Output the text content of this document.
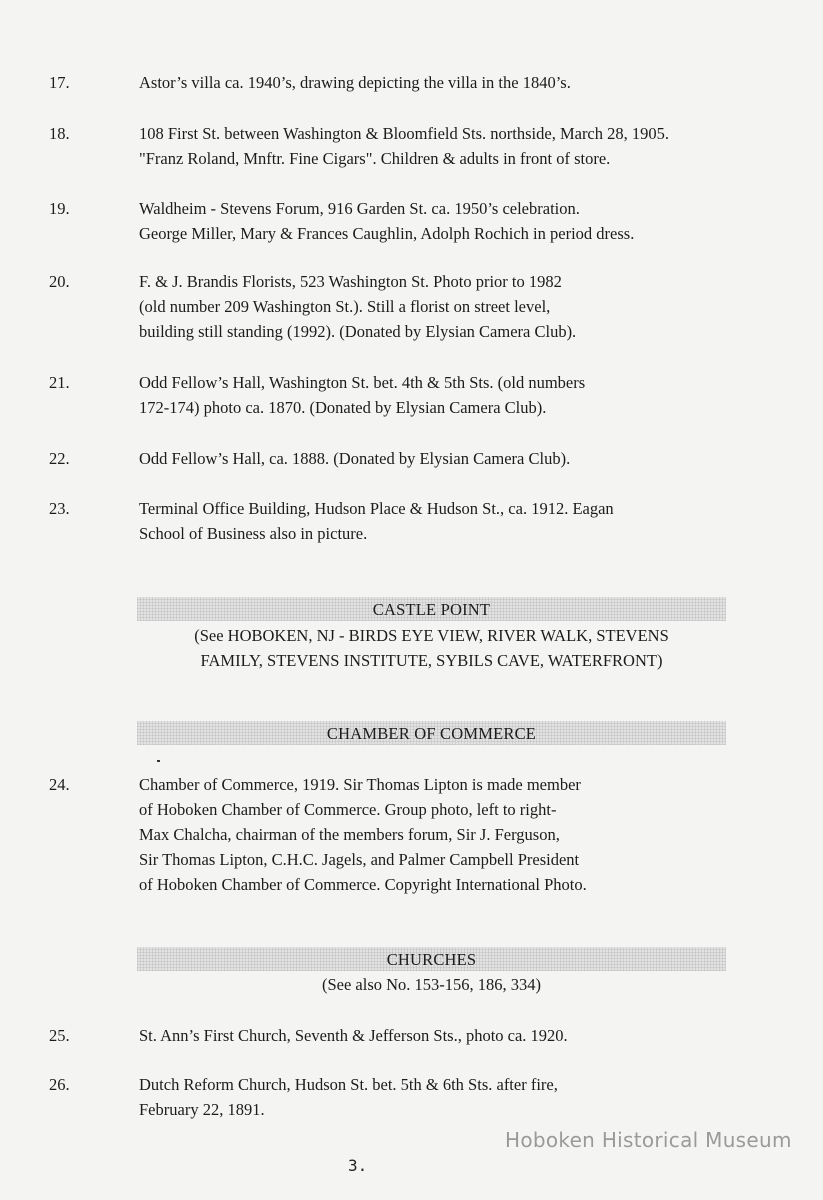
17.	Astor’s villa ca. 1940’s, drawing depicting the villa in the 1840’s.
18.	108 First St. between Washington & Bloomfield Sts. northside, March 28, 1905.
"Franz Roland, Mnftr. Fine Cigars". Children & adults in front of store.
19.	Waldheim - Stevens Forum, 916 Garden St. ca. 1950’s celebration.
George Miller, Mary & Frances Caughlin, Adolph Rochich in period dress.
20.	F. & J. Brandis Florists, 523 Washington St. Photo prior to 1982
(old number 209 Washington St.). Still a florist on street level,
building still standing (1992). (Donated by Elysian Camera Club).
21.	Odd Fellow’s Hall, Washington St. bet. 4th & 5th Sts. (old numbers
172-174) photo ca. 1870. (Donated by Elysian Camera Club).
22.	Odd Fellow’s Hall, ca. 1888. (Donated by Elysian Camera Club).
23.	Terminal Office Building, Hudson Place & Hudson St., ca. 1912. Eagan
School of Business also in picture.
CASTLE POINT
(See HOBOKEN, NJ - BIRDS EYE VIEW, RIVER WALK, STEVENS
FAMILY, STEVENS INSTITUTE, SYBILS CAVE, WATERFRONT)
CHAMBER OF COMMERCE
24.	Chamber of Commerce, 1919. Sir Thomas Lipton is made member
of Hoboken Chamber of Commerce. Group photo, left to right-
Max Chalcha, chairman of the members forum, Sir J. Ferguson,
Sir Thomas Lipton, C.H.C. Jagels, and Palmer Campbell President
of Hoboken Chamber of Commerce. Copyright International Photo.
CHURCHES
(See also No. 153-156, 186, 334)
25.	St. Ann’s First Church, Seventh & Jefferson Sts., photo ca. 1920.
26.	Dutch Reform Church, Hudson St. bet. 5th & 6th Sts. after fire,
February 22, 1891.
Hoboken Historical Museum
3.
